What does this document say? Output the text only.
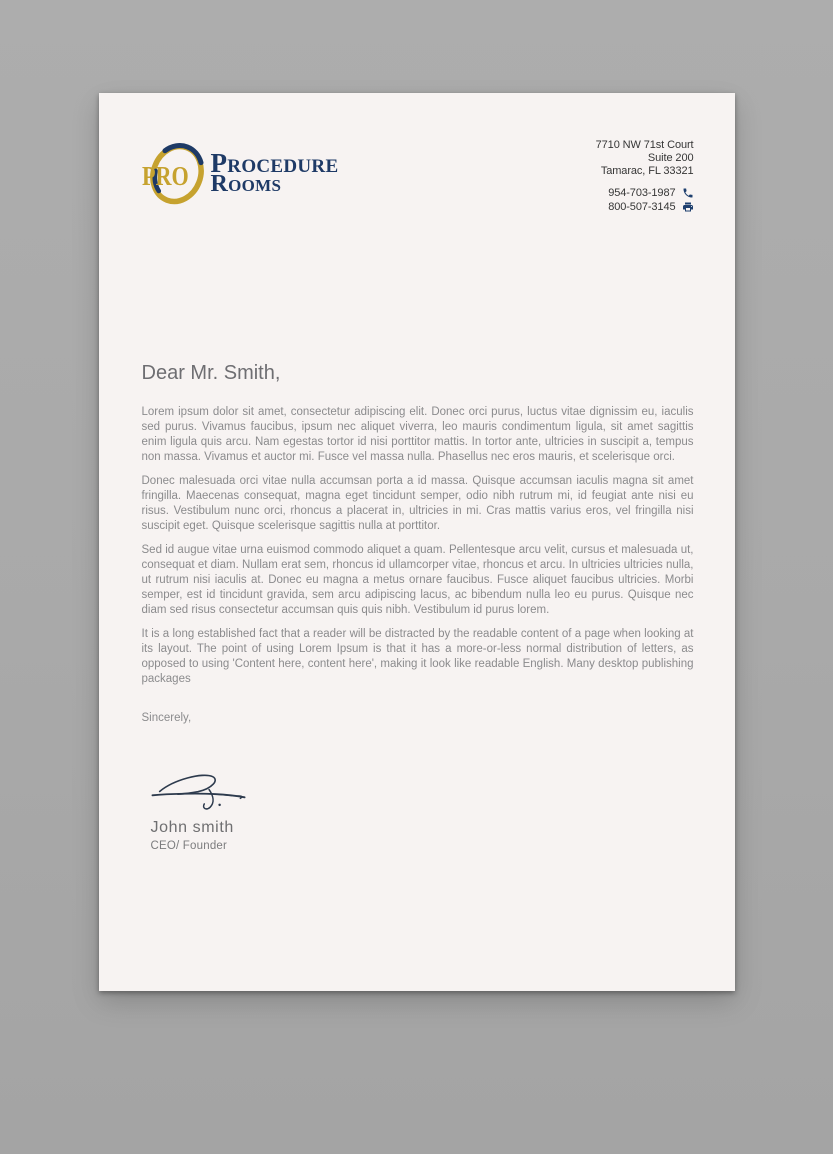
PRO Procedure
Rooms
7710 NW 71st Court
Suite 200
Tamarac, FL 33321
954-703-1987
800-507-3145

Dear Mr. Smith,

Lorem ipsum dolor sit amet, consectetur adipiscing elit. Donec orci purus, luctus vitae dignissim eu, iaculis sed purus. Vivamus faucibus, ipsum nec aliquet viverra, leo mauris condimentum ligula, sit amet sagittis enim ligula quis arcu. Nam egestas tortor id nisi porttitor mattis. In tortor ante, ultricies in suscipit a, tempus non massa. Vivamus et auctor mi. Fusce vel massa nulla. Phasellus nec eros mauris, et scelerisque orci.

Donec malesuada orci vitae nulla accumsan porta a id massa. Quisque accumsan iaculis magna sit amet fringilla. Maecenas consequat, magna eget tincidunt semper, odio nibh rutrum mi, id feugiat ante nisi eu risus. Vestibulum nunc orci, rhoncus a placerat in, ultricies in mi. Cras mattis varius eros, vel fringilla nisi suscipit eget. Quisque scelerisque sagittis nulla at porttitor.

Sed id augue vitae urna euismod commodo aliquet a quam. Pellentesque arcu velit, cursus et malesuada ut, consequat et diam. Nullam erat sem, rhoncus id ullamcorper vitae, rhoncus et arcu. In ultricies ultricies nulla, ut rutrum nisi iaculis at. Donec eu magna a metus ornare faucibus. Fusce aliquet faucibus ultricies. Morbi semper, est id tincidunt gravida, sem arcu adipiscing lacus, ac bibendum nulla leo eu purus. Quisque nec diam sed risus consectetur accumsan quis quis nibh. Vestibulum id purus lorem.

It is a long established fact that a reader will be distracted by the readable content of a page when looking at its layout. The point of using Lorem Ipsum is that it has a more-or-less normal distribution of letters, as opposed to using 'Content here, content here', making it look like readable English. Many desktop publishing packages

Sincerely,

John smith
CEO/ Founder
